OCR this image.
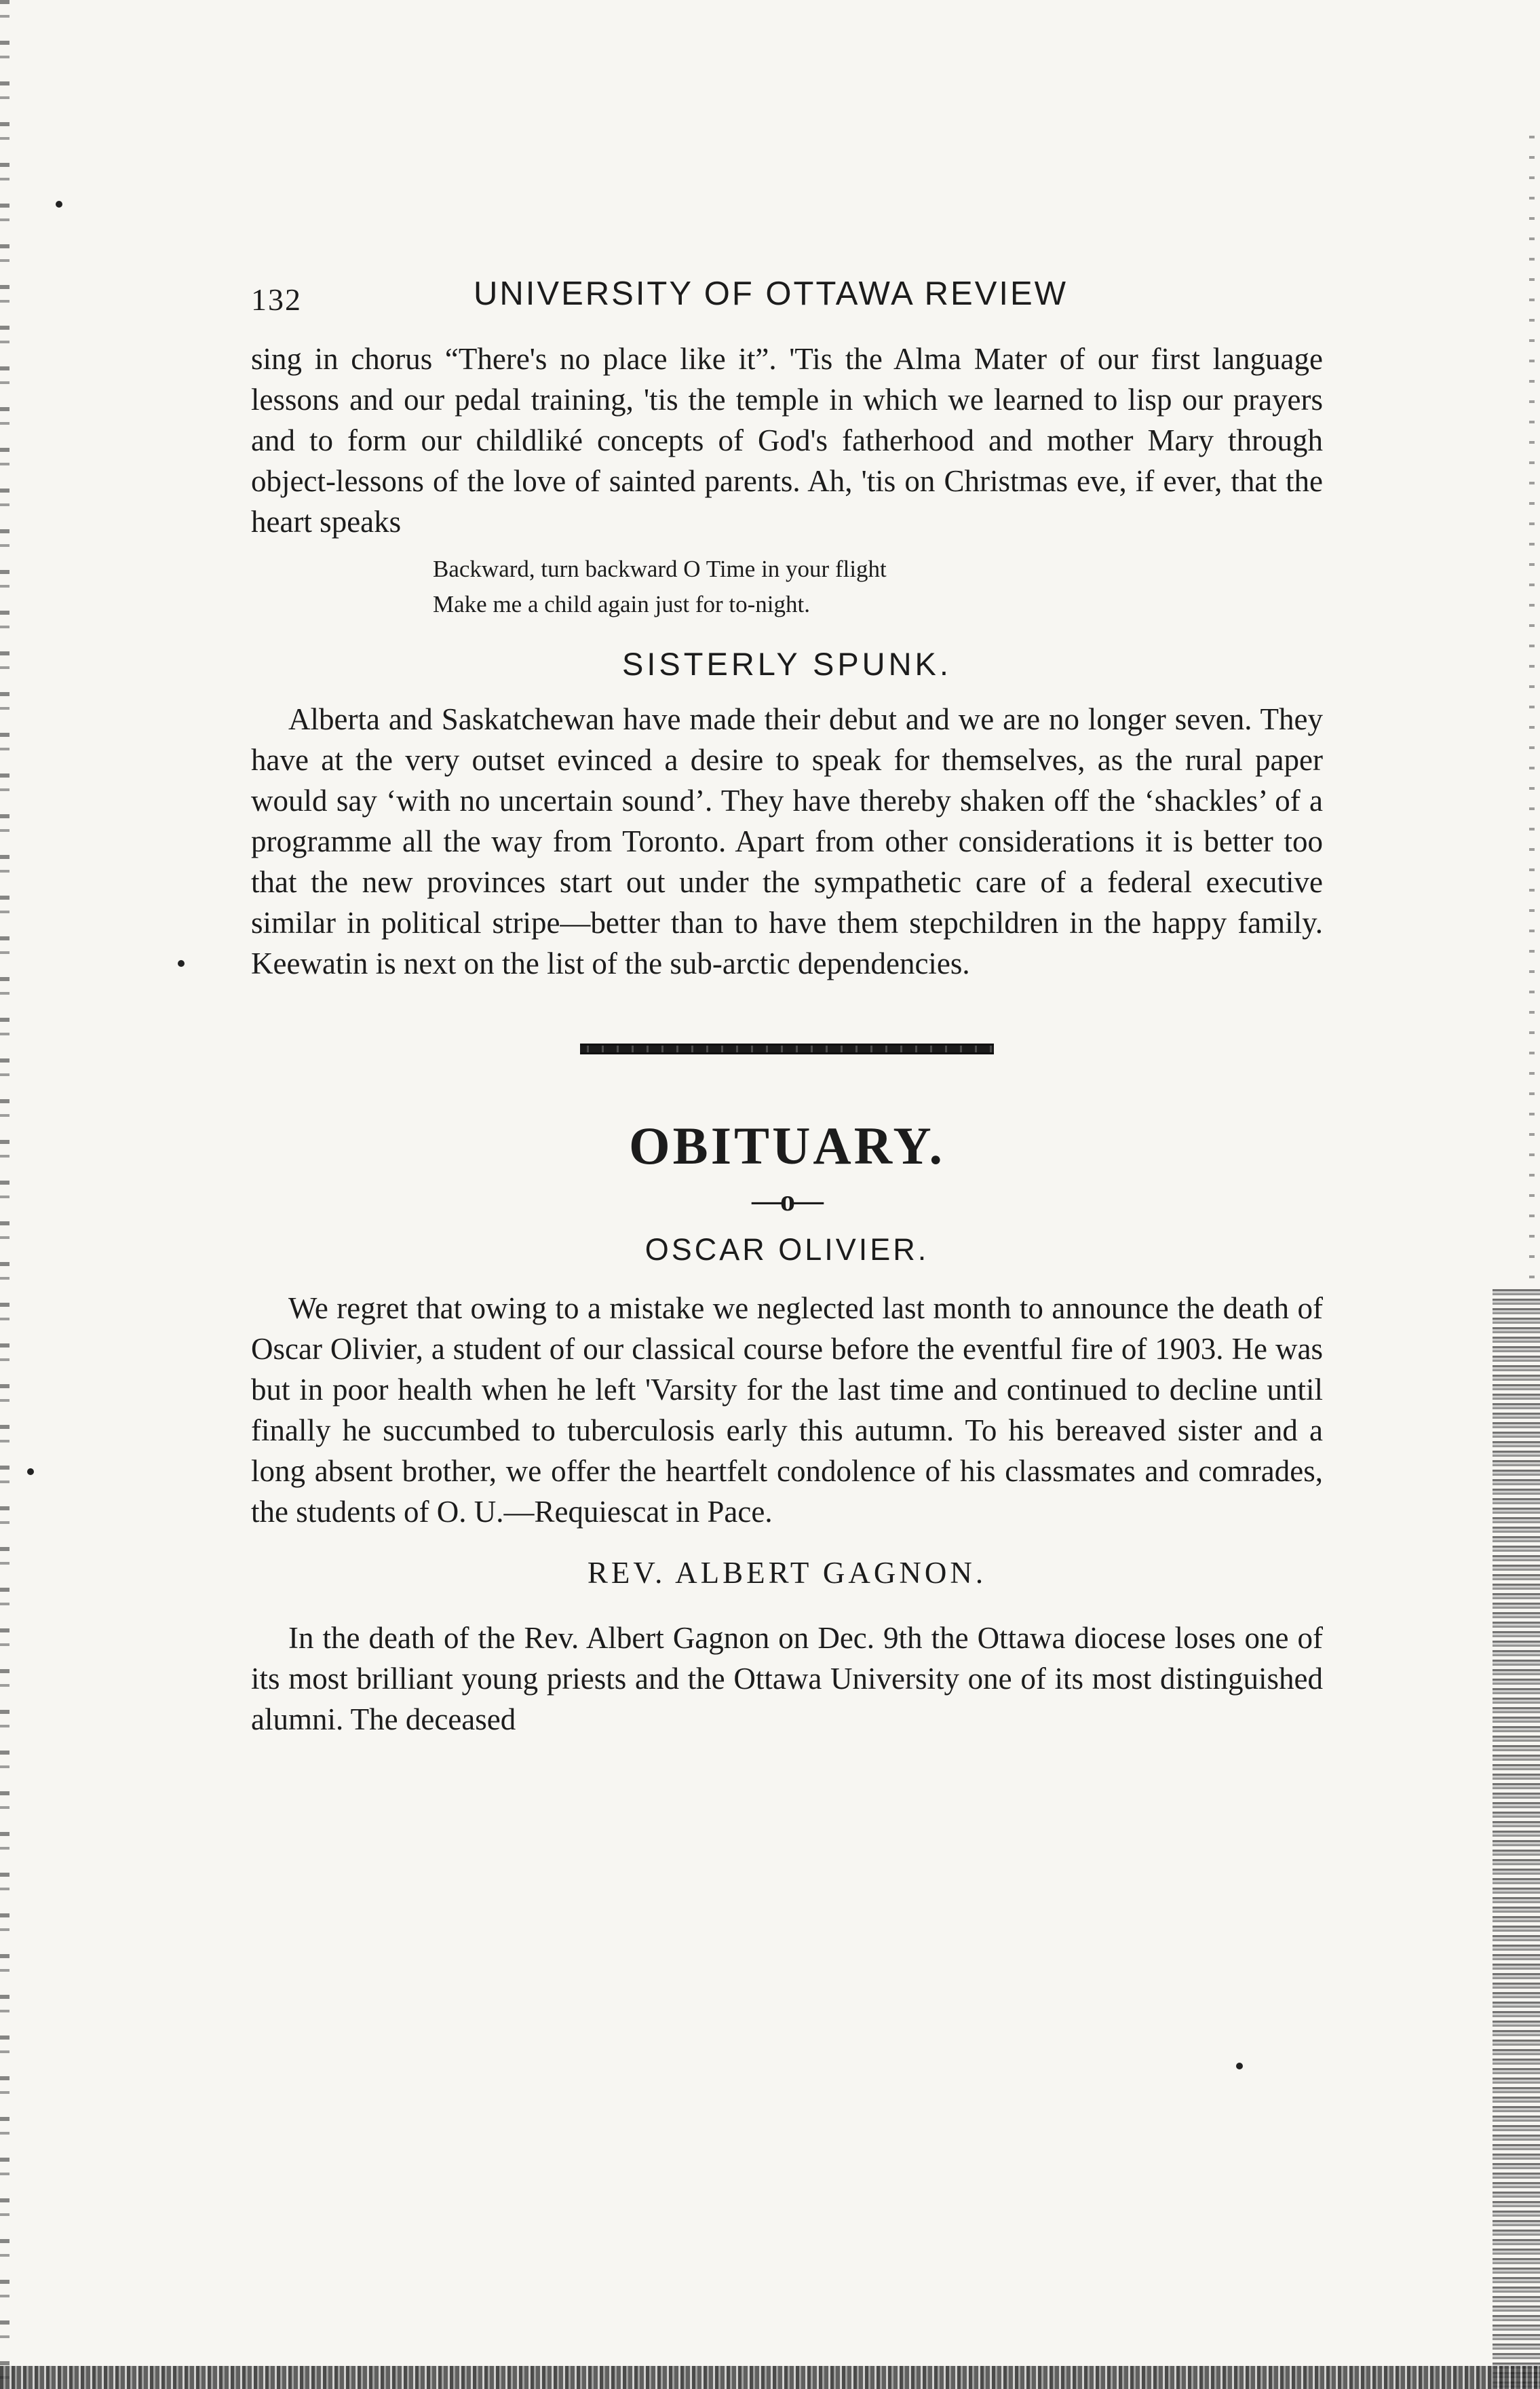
132	UNIVERSITY OF OTTAWA REVIEW

sing in chorus “There's no place like it”. 'Tis the Alma Mater of our first language lessons and our pedal training, 'tis the temple in which we learned to lisp our prayers and to form our childliké concepts of God's fatherhood and mother Mary through object-lessons of the love of sainted parents. Ah, 'tis on Christmas eve, if ever, that the heart speaks

Backward, turn backward O Time in your flight
Make me a child again just for to-night.
SISTERLY SPUNK.

Alberta and Saskatchewan have made their debut and we are no longer seven. They have at the very outset evinced a desire to speak for themselves, as the rural paper would say ‘with no uncertain sound’. They have thereby shaken off the ‘shackles’ of a programme all the way from Toronto. Apart from other considerations it is better too that the new provinces start out under the sympathetic care of a federal executive similar in political stripe—better than to have them stepchildren in the happy family. Keewatin is next on the list of the sub-arctic dependencies.

OBITUARY.
—o—
OSCAR OLIVIER.

We regret that owing to a mistake we neglected last month to announce the death of Oscar Olivier, a student of our classical course before the eventful fire of 1903. He was but in poor health when he left 'Varsity for the last time and continued to decline until finally he succumbed to tuberculosis early this autumn. To his bereaved sister and a long absent brother, we offer the heartfelt condolence of his classmates and comrades, the students of O. U.—Requiescat in Pace.

REV. ALBERT GAGNON.

In the death of the Rev. Albert Gagnon on Dec. 9th the Ottawa diocese loses one of its most brilliant young priests and the Ottawa University one of its most distinguished alumni. The deceased
